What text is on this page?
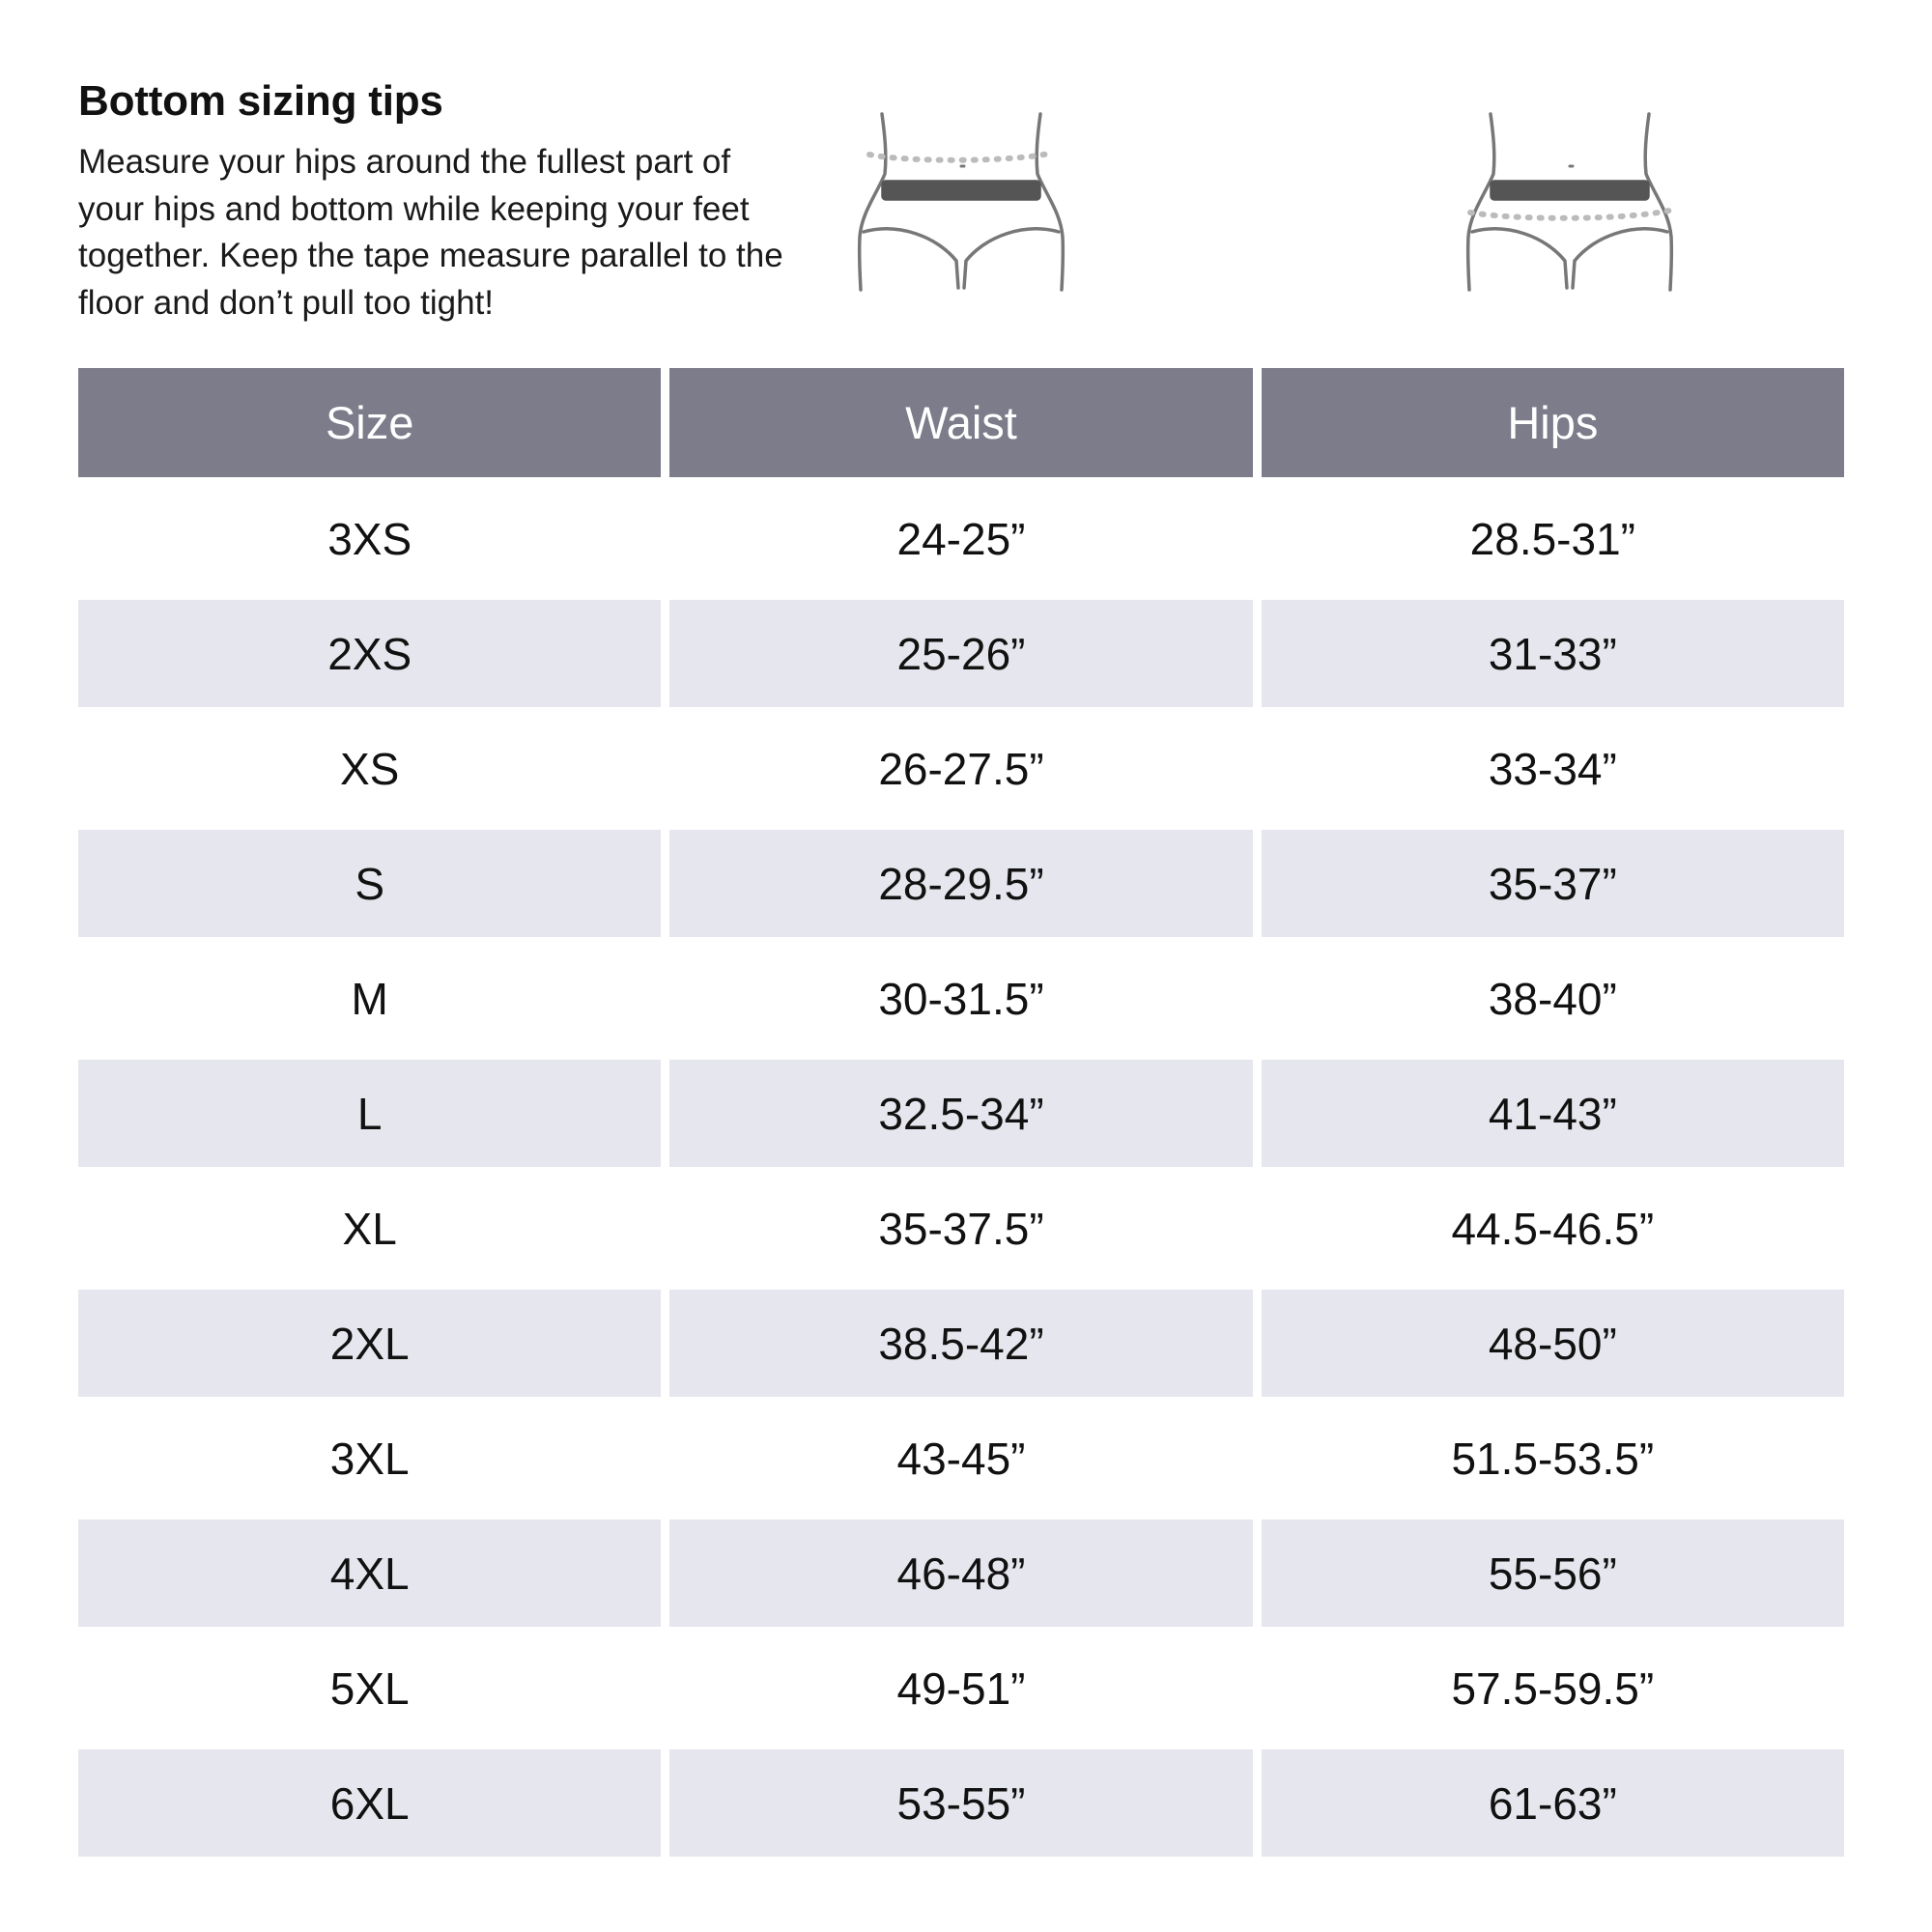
Bottom sizing tips

Measure your hips around the fullest part of your hips and bottom while keeping your feet together. Keep the tape measure parallel to the floor and don’t pull too tight!

Size	Waist	Hips
3XS	24-25”	28.5-31”
2XS	25-26”	31-33”
XS	26-27.5”	33-34”
S	28-29.5”	35-37”
M	30-31.5”	38-40”
L	32.5-34”	41-43”
XL	35-37.5”	44.5-46.5”
2XL	38.5-42”	48-50”
3XL	43-45”	51.5-53.5”
4XL	46-48”	55-56”
5XL	49-51”	57.5-59.5”
6XL	53-55”	61-63”
